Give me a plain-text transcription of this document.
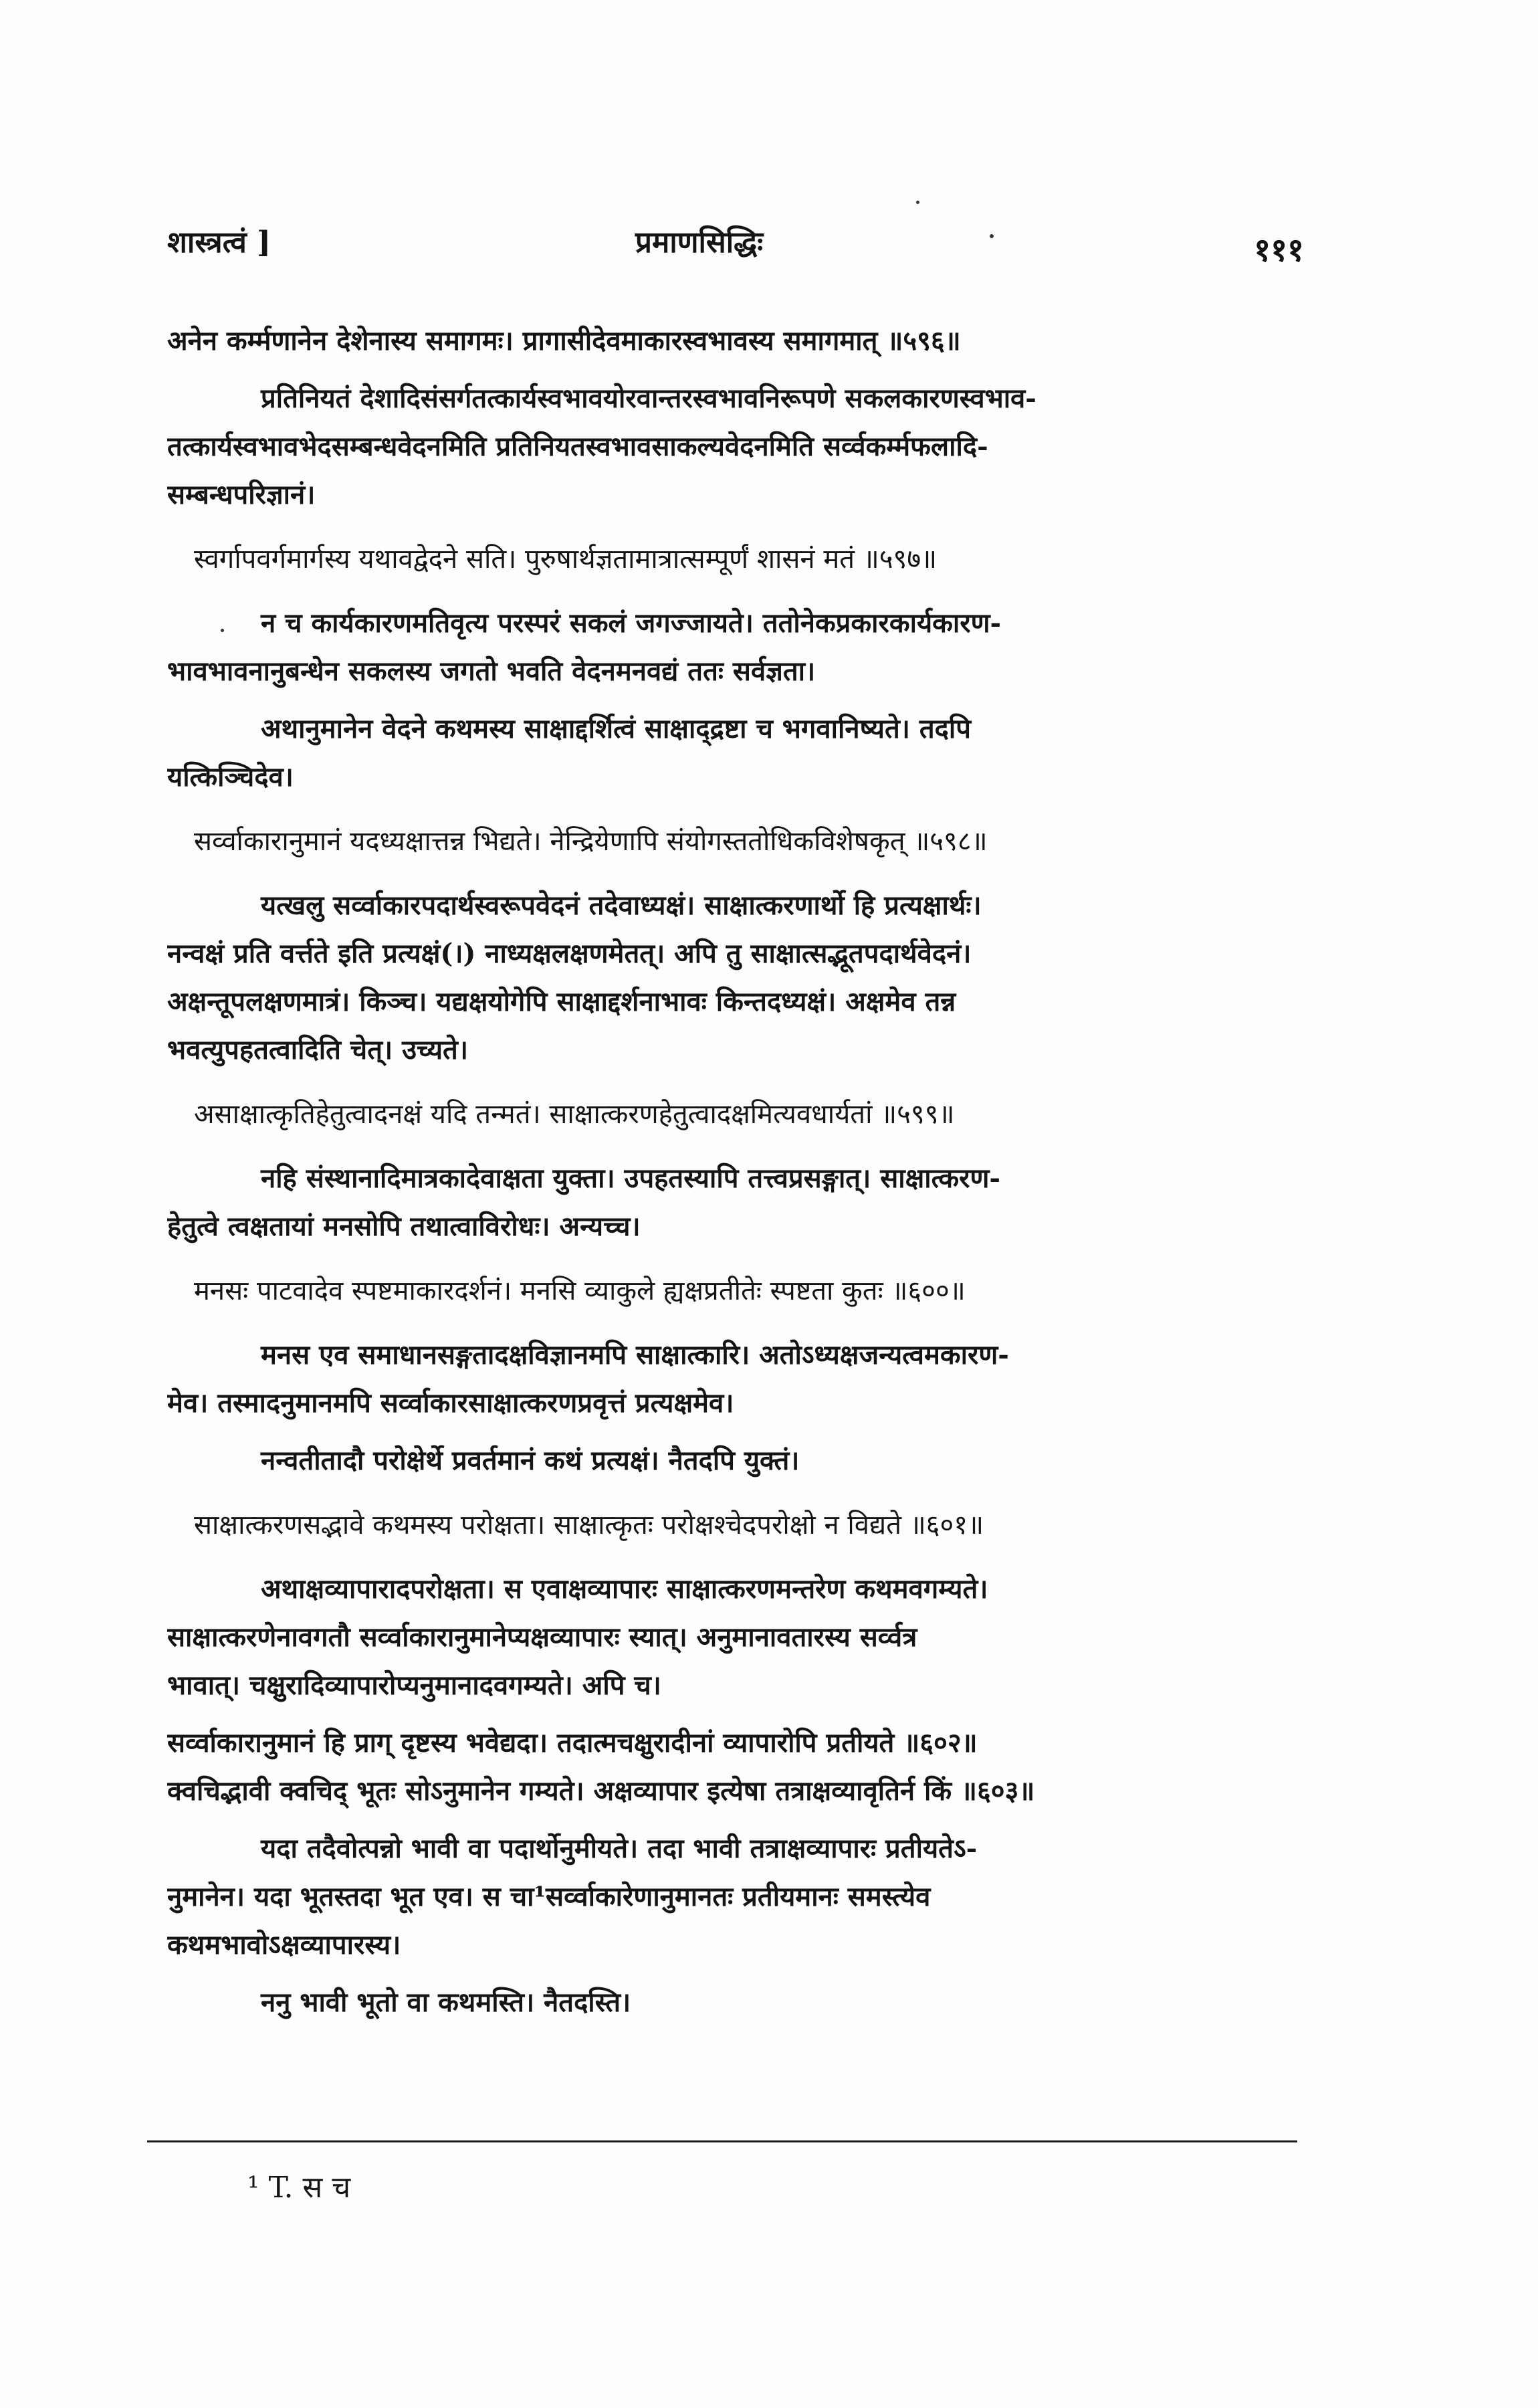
शास्त्रत्वं ]	प्रमाणसिद्धिः	१११
अनेन कर्म्मणानेन देशेनास्य समागमः। प्रागासीदेवमाकारस्वभावस्य समागमात् ॥५९६॥
प्रतिनियतं देशादिसंसर्गतत्कार्यस्वभावयोरवान्तरस्वभावनिरूपणे सकलकारणस्वभाव-
तत्कार्यस्वभावभेदसम्बन्धवेदनमिति प्रतिनियतस्वभावसाकल्यवेदनमिति सर्व्वकर्म्मफलादि-
सम्बन्धपरिज्ञानं।
स्वर्गापवर्गमार्गस्य यथावद्वेदने सति। पुरुषार्थज्ञतामात्रात्सम्पूर्णं शासनं मतं ॥५९७॥
न च कार्यकारणमतिवृत्य परस्परं सकलं जगज्जायते। ततोनेकप्रकारकार्यकारण-
भावभावनानुबन्धेन सकलस्य जगतो भवति वेदनमनवद्यं ततः सर्वज्ञता।
अथानुमानेन वेदने कथमस्य साक्षाद्दर्शित्वं साक्षाद्द्रष्टा च भगवानिष्यते। तदपि
यत्किञ्चिदेव।
सर्व्वाकारानुमानं यदध्यक्षात्तन्न भिद्यते। नेन्द्रियेणापि संयोगस्ततोधिकविशेषकृत् ॥५९८॥
यत्खलु सर्व्वाकारपदार्थस्वरूपवेदनं तदेवाध्यक्षं। साक्षात्करणार्थो हि प्रत्यक्षार्थः।
नन्वक्षं प्रति वर्त्तते इति प्रत्यक्षं(।) नाध्यक्षलक्षणमेतत्। अपि तु साक्षात्सद्भूतपदार्थवेदनं।
अक्षन्तूपलक्षणमात्रं। किञ्च। यद्यक्षयोगेपि साक्षाद्दर्शनाभावः किन्तदध्यक्षं। अक्षमेव तन्न
भवत्युपहतत्वादिति चेत्। उच्यते।
असाक्षात्कृतिहेतुत्वादनक्षं यदि तन्मतं। साक्षात्करणहेतुत्वादक्षमित्यवधार्यतां ॥५९९॥
नहि संस्थानादिमात्रकादेवाक्षता युक्ता। उपहतस्यापि तत्त्वप्रसङ्गात्। साक्षात्करण-
हेतुत्वे त्वक्षतायां मनसोपि तथात्वाविरोधः। अन्यच्च।
मनसः पाटवादेव स्पष्टमाकारदर्शनं। मनसि व्याकुले ह्यक्षप्रतीतेः स्पष्टता कुतः ॥६००॥
मनस एव समाधानसङ्गतादक्षविज्ञानमपि साक्षात्कारि। अतोऽध्यक्षजन्यत्वमकारण-
मेव। तस्मादनुमानमपि सर्व्वाकारसाक्षात्करणप्रवृत्तं प्रत्यक्षमेव।
नन्वतीतादौ परोक्षेर्थे प्रवर्तमानं कथं प्रत्यक्षं। नैतदपि युक्तं।
साक्षात्करणसद्भावे कथमस्य परोक्षता। साक्षात्कृतः परोक्षश्चेदपरोक्षो न विद्यते ॥६०१॥
अथाक्षव्यापारादपरोक्षता। स एवाक्षव्यापारः साक्षात्करणमन्तरेण कथमवगम्यते।
साक्षात्करणेनावगतौ सर्व्वाकारानुमानेप्यक्षव्यापारः स्यात्। अनुमानावतारस्य सर्व्वत्र
भावात्। चक्षुरादिव्यापारोप्यनुमानादवगम्यते। अपि च।
सर्व्वाकारानुमानं हि प्राग् दृष्टस्य भवेद्यदा। तदात्मचक्षुरादीनां व्यापारोपि प्रतीयते ॥६०२॥
क्वचिद्भावी क्वचिद् भूतः सोऽनुमानेन गम्यते। अक्षव्यापार इत्येषा तत्राक्षव्यावृतिर्न किं ॥६०३॥
यदा तदैवोत्पन्नो भावी वा पदार्थोनुमीयते। तदा भावी तत्राक्षव्यापारः प्रतीयतेऽ-
नुमानेन। यदा भूतस्तदा भूत एव। स चा¹सर्व्वाकारेणानुमानतः प्रतीयमानः समस्त्येव
कथमभावोऽक्षव्यापारस्य।
ननु भावी भूतो वा कथमस्ति। नैतदस्ति।
¹ T. स च
